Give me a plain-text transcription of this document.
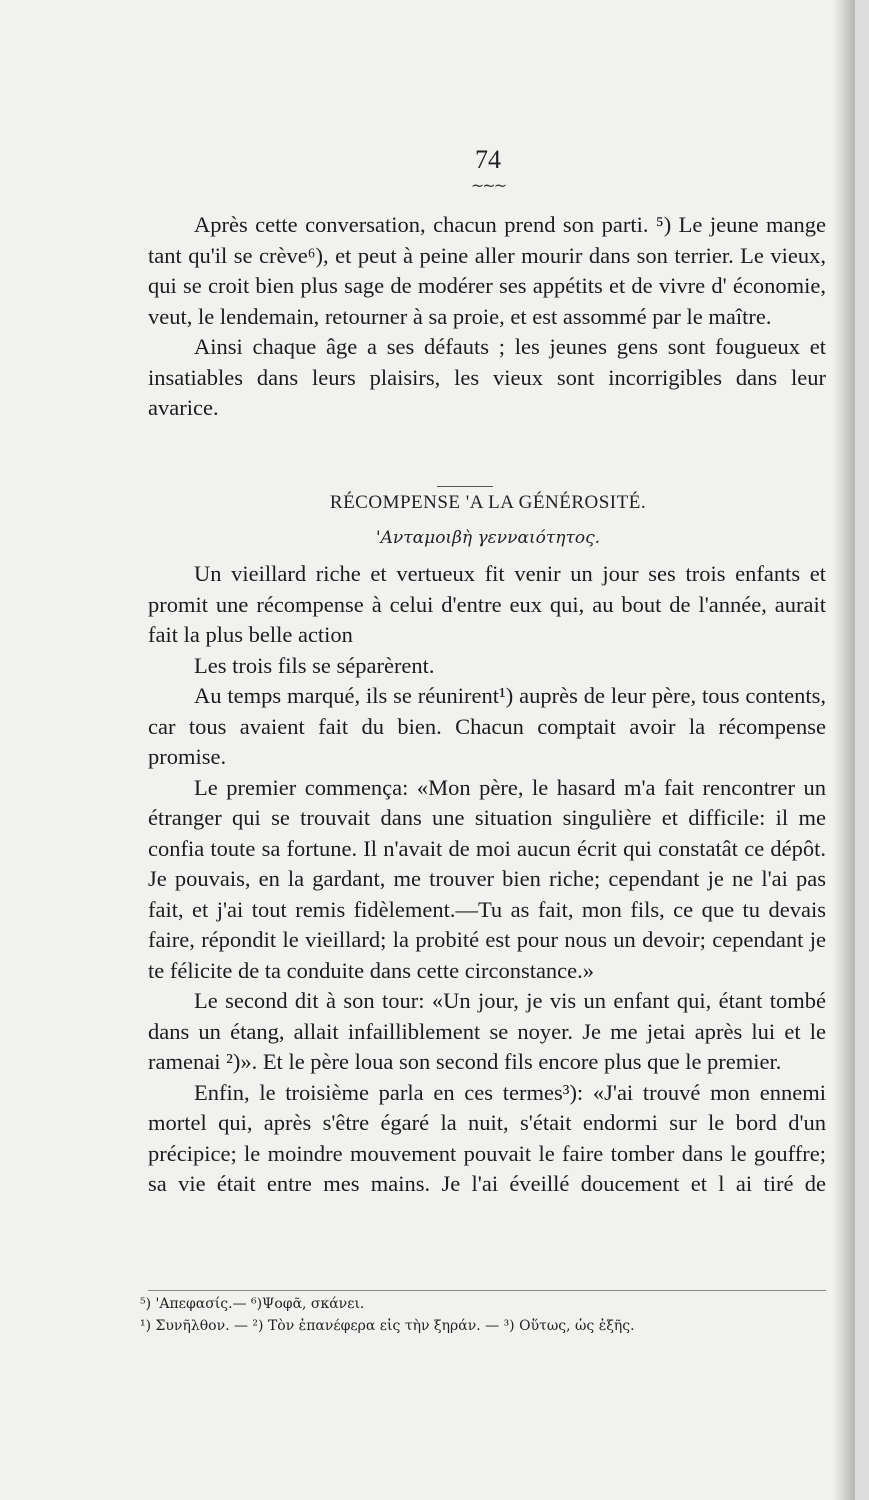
74
~~~

Après cette conversation, chacun prend son parti. ⁵) Le jeune mange tant qu'il se crève⁶), et peut à peine aller mourir dans son terrier. Le vieux, qui se croit bien plus sage de modérer ses appétits et de vivre d' économie, veut, le lendemain, retourner à sa proie, et est assommé par le maître.

Ainsi chaque âge a ses défauts ; les jeunes gens sont fougueux et insatiables dans leurs plaisirs, les vieux sont incorrigibles dans leur avarice.

RÉCOMPENSE 'A LA GÉNÉROSITÉ.
'Ανταμοιβὴ γενναιότητος.

Un vieillard riche et vertueux fit venir un jour ses trois enfants et promit une récompense à celui d'entre eux qui, au bout de l'année, aurait fait la plus belle action

Les trois fils se séparèrent.

Au temps marqué, ils se réunirent¹) auprès de leur père, tous contents, car tous avaient fait du bien. Chacun comptait avoir la récompense promise.

Le premier commença: «Mon père, le hasard m'a fait rencontrer un étranger qui se trouvait dans une situation singulière et difficile: il me confia toute sa fortune. Il n'avait de moi aucun écrit qui constatât ce dépôt. Je pouvais, en la gardant, me trouver bien riche; cependant je ne l'ai pas fait, et j'ai tout remis fidèlement.—Tu as fait, mon fils, ce que tu devais faire, répondit le vieillard; la probité est pour nous un devoir; cependant je te félicite de ta conduite dans cette circonstance.»

Le second dit à son tour: «Un jour, je vis un enfant qui, étant tombé dans un étang, allait infailliblement se noyer. Je me jetai après lui et le ramenai ²)». Et le père loua son second fils encore plus que le premier.

Enfin, le troisième parla en ces termes³): «J'ai trouvé mon ennemi mortel qui, après s'être égaré la nuit, s'était endormi sur le bord d'un précipice; le moindre mouvement pouvait le faire tomber dans le gouffre; sa vie était entre mes mains. Je l'ai éveillé doucement et l ai tiré de

⁵) 'Απεφασίς.— ⁶)Ψοφᾶ, σκάνει.

¹) Συνῆλθον. — ²) Τὸν ἐπανέφερα εἰς τὴν ξηράν. — ³) Οὕτως, ὡς ἑξῆς.
